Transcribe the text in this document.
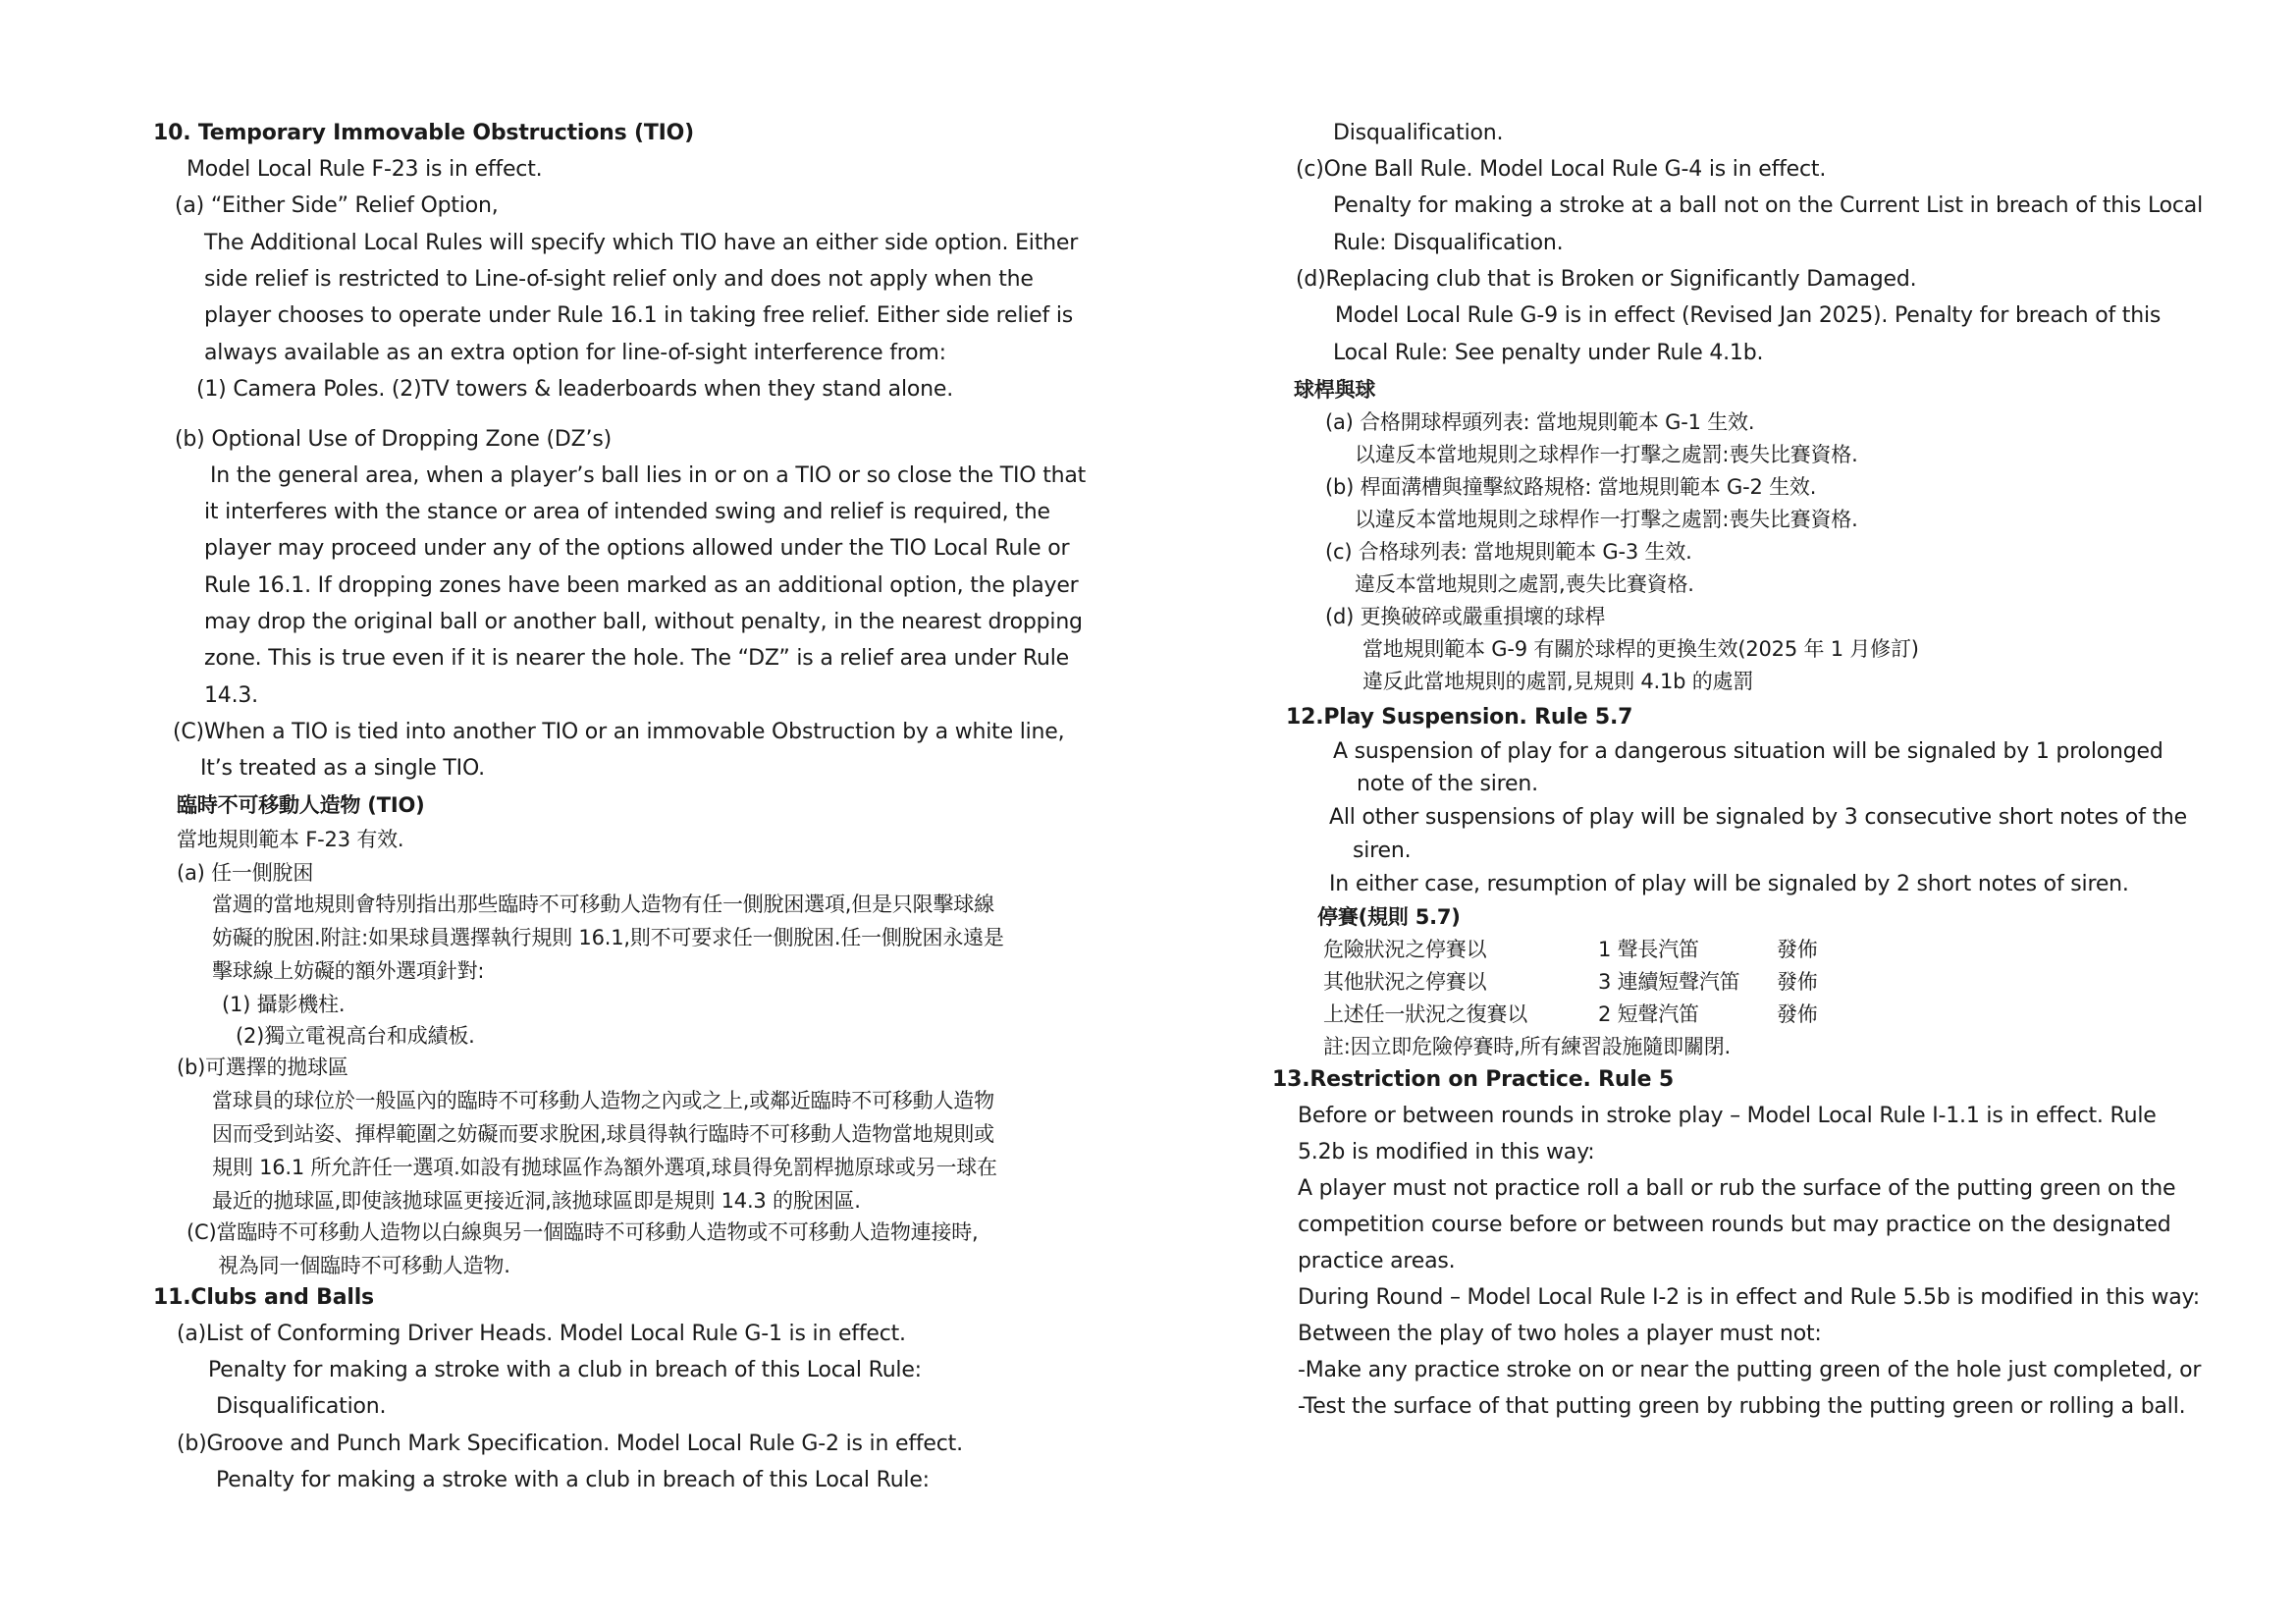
10. Temporary Immovable Obstructions (TIO)
Model Local Rule F-23 is in effect.
(a) “Either Side” Relief Option,
The Additional Local Rules will specify which TIO have an either side option. Either
side relief is restricted to Line-of-sight relief only and does not apply when the
player chooses to operate under Rule 16.1 in taking free relief. Either side relief is
always available as an extra option for line-of-sight interference from:
(1) Camera Poles. (2)TV towers & leaderboards when they stand alone.
(b) Optional Use of Dropping Zone (DZ’s)
In the general area, when a player’s ball lies in or on a TIO or so close the TIO that
it interferes with the stance or area of intended swing and relief is required, the
player may proceed under any of the options allowed under the TIO Local Rule or
Rule 16.1. If dropping zones have been marked as an additional option, the player
may drop the original ball or another ball, without penalty, in the nearest dropping
zone. This is true even if it is nearer the hole. The “DZ” is a relief area under Rule
14.3.
(C)When a TIO is tied into another TIO or an immovable Obstruction by a white line,
It’s treated as a single TIO.
臨時不可移動人造物 (TIO)
當地規則範本 F-23 有效.
(a) 任一側脫困
當週的當地規則會特別指出那些臨時不可移動人造物有任一側脫困選項,但是只限擊球線
妨礙的脫困.附註:如果球員選擇執行規則 16.1,則不可要求任一側脫困.任一側脫困永遠是
擊球線上妨礙的額外選項針對:
(1) 攝影機柱.
(2)獨立電視高台和成績板.
(b)可選擇的拋球區
當球員的球位於一般區內的臨時不可移動人造物之內或之上,或鄰近臨時不可移動人造物
因而受到站姿、揮桿範圍之妨礙而要求脫困,球員得執行臨時不可移動人造物當地規則或
規則 16.1 所允許任一選項.如設有拋球區作為額外選項,球員得免罰桿拋原球或另一球在
最近的拋球區,即使該拋球區更接近洞,該拋球區即是規則 14.3 的脫困區.
(C)當臨時不可移動人造物以白線與另一個臨時不可移動人造物或不可移動人造物連接時,
視為同一個臨時不可移動人造物.
11.Clubs and Balls
(a)List of Conforming Driver Heads. Model Local Rule G-1 is in effect.
Penalty for making a stroke with a club in breach of this Local Rule:
Disqualification.
(b)Groove and Punch Mark Specification. Model Local Rule G-2 is in effect.
Penalty for making a stroke with a club in breach of this Local Rule:
Disqualification.
(c)One Ball Rule. Model Local Rule G-4 is in effect.
Penalty for making a stroke at a ball not on the Current List in breach of this Local
Rule: Disqualification.
(d)Replacing club that is Broken or Significantly Damaged.
Model Local Rule G-9 is in effect (Revised Jan 2025). Penalty for breach of this
Local Rule: See penalty under Rule 4.1b.
球桿與球
(a) 合格開球桿頭列表: 當地規則範本 G-1 生效.
以違反本當地規則之球桿作一打擊之處罰:喪失比賽資格.
(b) 桿面溝槽與撞擊紋路規格: 當地規則範本 G-2 生效.
以違反本當地規則之球桿作一打擊之處罰:喪失比賽資格.
(c) 合格球列表: 當地規則範本 G-3 生效.
違反本當地規則之處罰,喪失比賽資格.
(d) 更換破碎或嚴重損壞的球桿
當地規則範本 G-9 有關於球桿的更換生效(2025 年 1 月修訂)
違反此當地規則的處罰,見規則 4.1b 的處罰
12.Play Suspension. Rule 5.7
A suspension of play for a dangerous situation will be signaled by 1 prolonged
note of the siren.
All other suspensions of play will be signaled by 3 consecutive short notes of the
siren.
In either case, resumption of play will be signaled by 2 short notes of siren.
停賽(規則 5.7)
危險狀況之停賽以	1 聲長汽笛	發佈
其他狀況之停賽以	3 連續短聲汽笛 發佈
上述任一狀況之復賽以	2 短聲汽笛	發佈
註:因立即危險停賽時,所有練習設施隨即關閉.
13.Restriction on Practice. Rule 5
Before or between rounds in stroke play – Model Local Rule I-1.1 is in effect. Rule
5.2b is modified in this way:
A player must not practice roll a ball or rub the surface of the putting green on the
competition course before or between rounds but may practice on the designated
practice areas.
During Round – Model Local Rule I-2 is in effect and Rule 5.5b is modified in this way:
Between the play of two holes a player must not:
-Make any practice stroke on or near the putting green of the hole just completed, or
-Test the surface of that putting green by rubbing the putting green or rolling a ball.
